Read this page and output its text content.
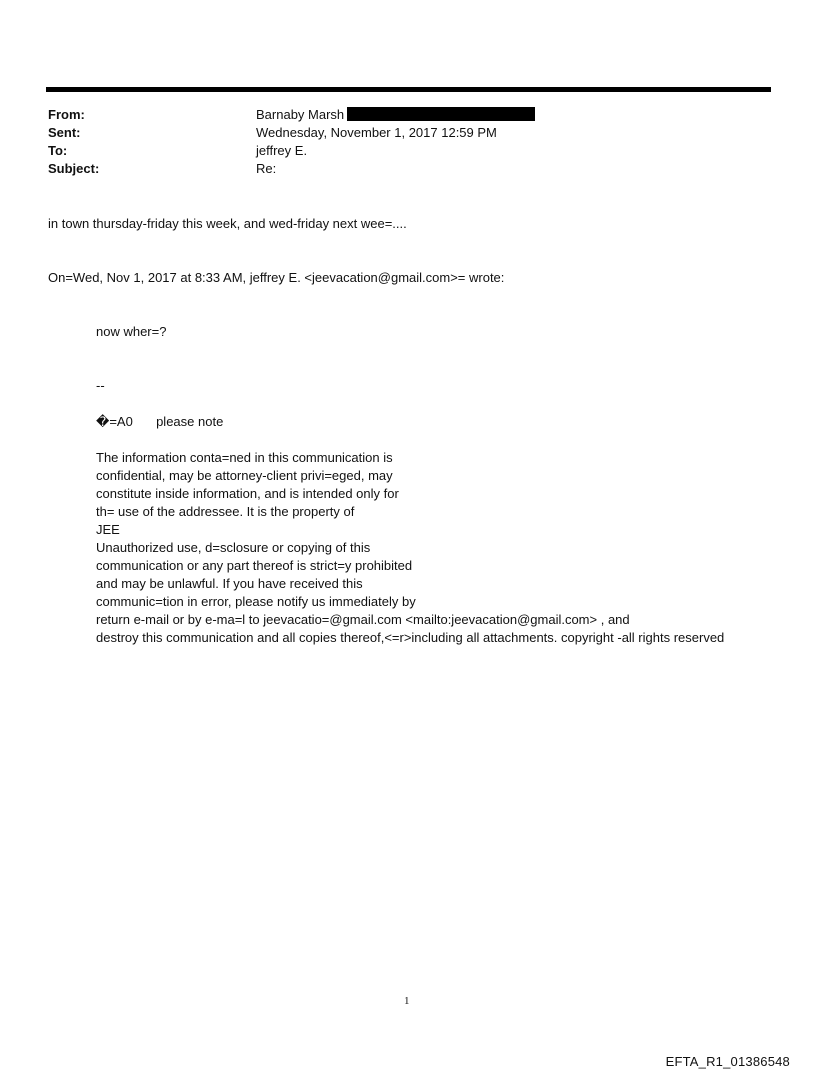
From:	Barnaby Marsh
Sent:	Wednesday, November 1, 2017 12:59 PM
To:	jeffrey E.
Subject:	Re:
in town thursday-friday this week, and wed-friday next wee=....
On=Wed, Nov 1, 2017 at 8:33 AM, jeffrey E. <jeevacation@gmail.com>= wrote:
now wher=?
--
�=A0 please note
The information conta=ned in this communication is
confidential, may be attorney-client privi=eged, may
constitute inside information, and is intended only for
th= use of the addressee. It is the property of
JEE
Unauthorized use, d=sclosure or copying of this
communication or any part thereof is strict=y prohibited
and may be unlawful. If you have received this
communic=tion in error, please notify us immediately by
return e-mail or by e-ma=l to jeevacatio=@gmail.com <mailto:jeevacation@gmail.com> , and
destroy this communication and all copies thereof,<=r>including all attachments. copyright -all rights reserved
1
EFTA_R1_01386548
